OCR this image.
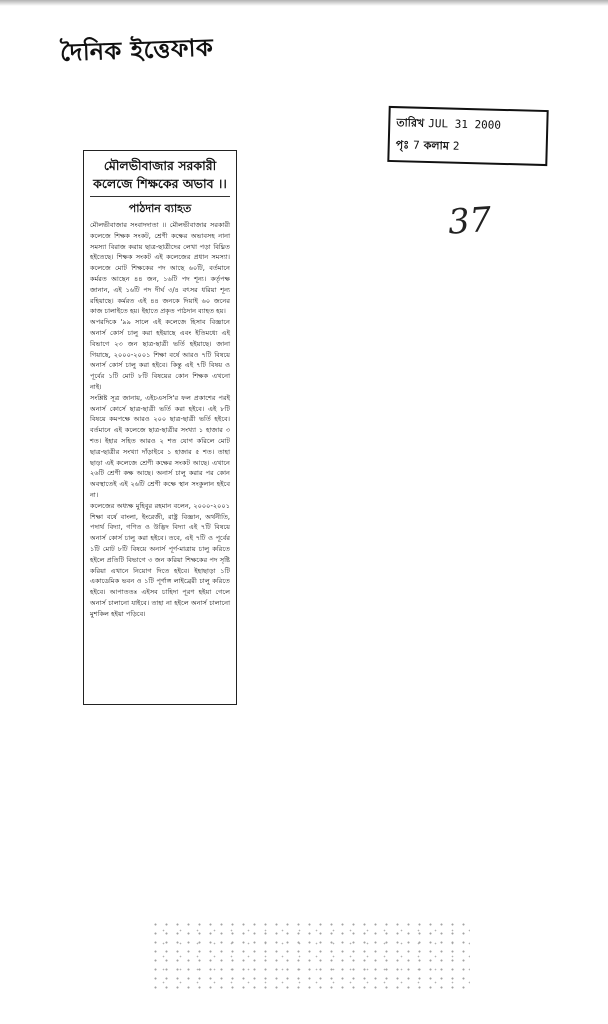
দৈনিক ইত্তেফাক
তারিখ JUL 31 2000
পৃঃ 7 কলাম 2
37
মৌলভীবাজার সরকারী কলেজে শিক্ষকের অভাব ।।
পাঠদান ব্যাহত

মৌলভীবাজার সংবাদদাতা ।। মৌলভীবাজার সরকারী কলেজে শিক্ষক সংকট, শ্রেণী কক্ষের অভাবসহ নানা সমস্যা বিরাজ করায় ছাত্র-ছাত্রীদের লেখা পড়া বিঘ্নিত হইতেছে। শিক্ষক সংকট এই কলেজের প্রধান সমস্যা। কলেজে মোট শিক্ষকের পদ আছে ৬০টি, বর্তমানে কর্মরত আছেন ৪৪ জন, ১৬টি পদ শূন্য। কর্তৃপক্ষ জানান, এই ১৬টি পদ দীর্ঘ ৩/৪ বৎসর ধরিয়া শূন্য রহিয়াছে। কর্মরত এই ৪৪ জনকে দিয়াই ৬০ জনের কাজ চালাইতে হয়। ইহাতে প্রকৃত পাঠদান ব্যাহত হয়।

অপরদিকে '৯৯ সালে এই কলেজে হিসাব বিজ্ঞানে অনার্স কোর্স চালু করা হইয়াছে এবং ইতিমধ্যে এই বিভাগে ২৩ জন ছাত্র-ছাত্রী ভর্তি হইয়াছে। জানা গিয়াছে, ২০০০-২০০১ শিক্ষা বর্ষে আরও ৭টি বিষয়ে অনার্স কোর্স চালু করা হইবে। কিন্তু এই ৭টি বিষয় ও পূর্বের ১টি মোট ৮টি বিষয়ের কোন শিক্ষক এখনো নাই।

সংশ্লিষ্ট সূত্র জানায়, এইচএসসি'র ফল প্রকাশের পরই অনার্স কোর্সে ছাত্র-ছাত্রী ভর্তি করা হইবে। এই ৮টি বিষয়ে কমপক্ষে আরও ২০০ ছাত্র-ছাত্রী ভর্তি হইবে। বর্তমানে এই কলেজে ছাত্র-ছাত্রীর সংখ্যা ১ হাজার ৩ শত। ইহার সহিত আরও ২ শত যোগ করিলে মোট ছাত্র-ছাত্রীর সংখ্যা দাঁড়াইবে ১ হাজার ৫ শত। তাহা ছাড়া এই কলেজে শ্রেণী কক্ষের সংকট আছে। এখানে ২৬টি শ্রেণী কক্ষ আছে। অনার্স চালু করার পর কোন অবস্থাতেই এই ২৬টি শ্রেণী কক্ষে স্থান সংকুলান হইবে না।

কলেজের অধ্যক্ষ মুহিবুর রহমান বলেন, ২০০০-২০০১ শিক্ষা বর্ষে বাংলা, ইংরেজী, রাষ্ট্র বিজ্ঞান, অর্থনীতি, পদার্থ বিদ্যা, গণিত ও উদ্ভিদ বিদ্যা এই ৭টি বিষয়ে অনার্স কোর্স চালু করা হইবে। তবে, এই ৭টি ও পূর্বের ১টি মোট ৮টি বিষয়ে অনার্স পূর্ণ-মাত্রায় চালু করিতে হইলে প্রতিটি বিভাগে ৩ জন করিয়া শিক্ষকের পদ সৃষ্টি করিয়া এখানে নিয়োগ দিতে হইবে। ইহাছাড়া ১টি একাডেমিক ভবন ও ১টি পূর্ণাঙ্গ লাইব্রেরী চালু করিতে হইবে। আপাততঃ এইসব চাহিদা পূরণ হইয়া গেলে অনার্স চালানো যাইবে। তাহা না হইলে অনার্স চালানো মুশকিল হইয়া পড়িবে।
